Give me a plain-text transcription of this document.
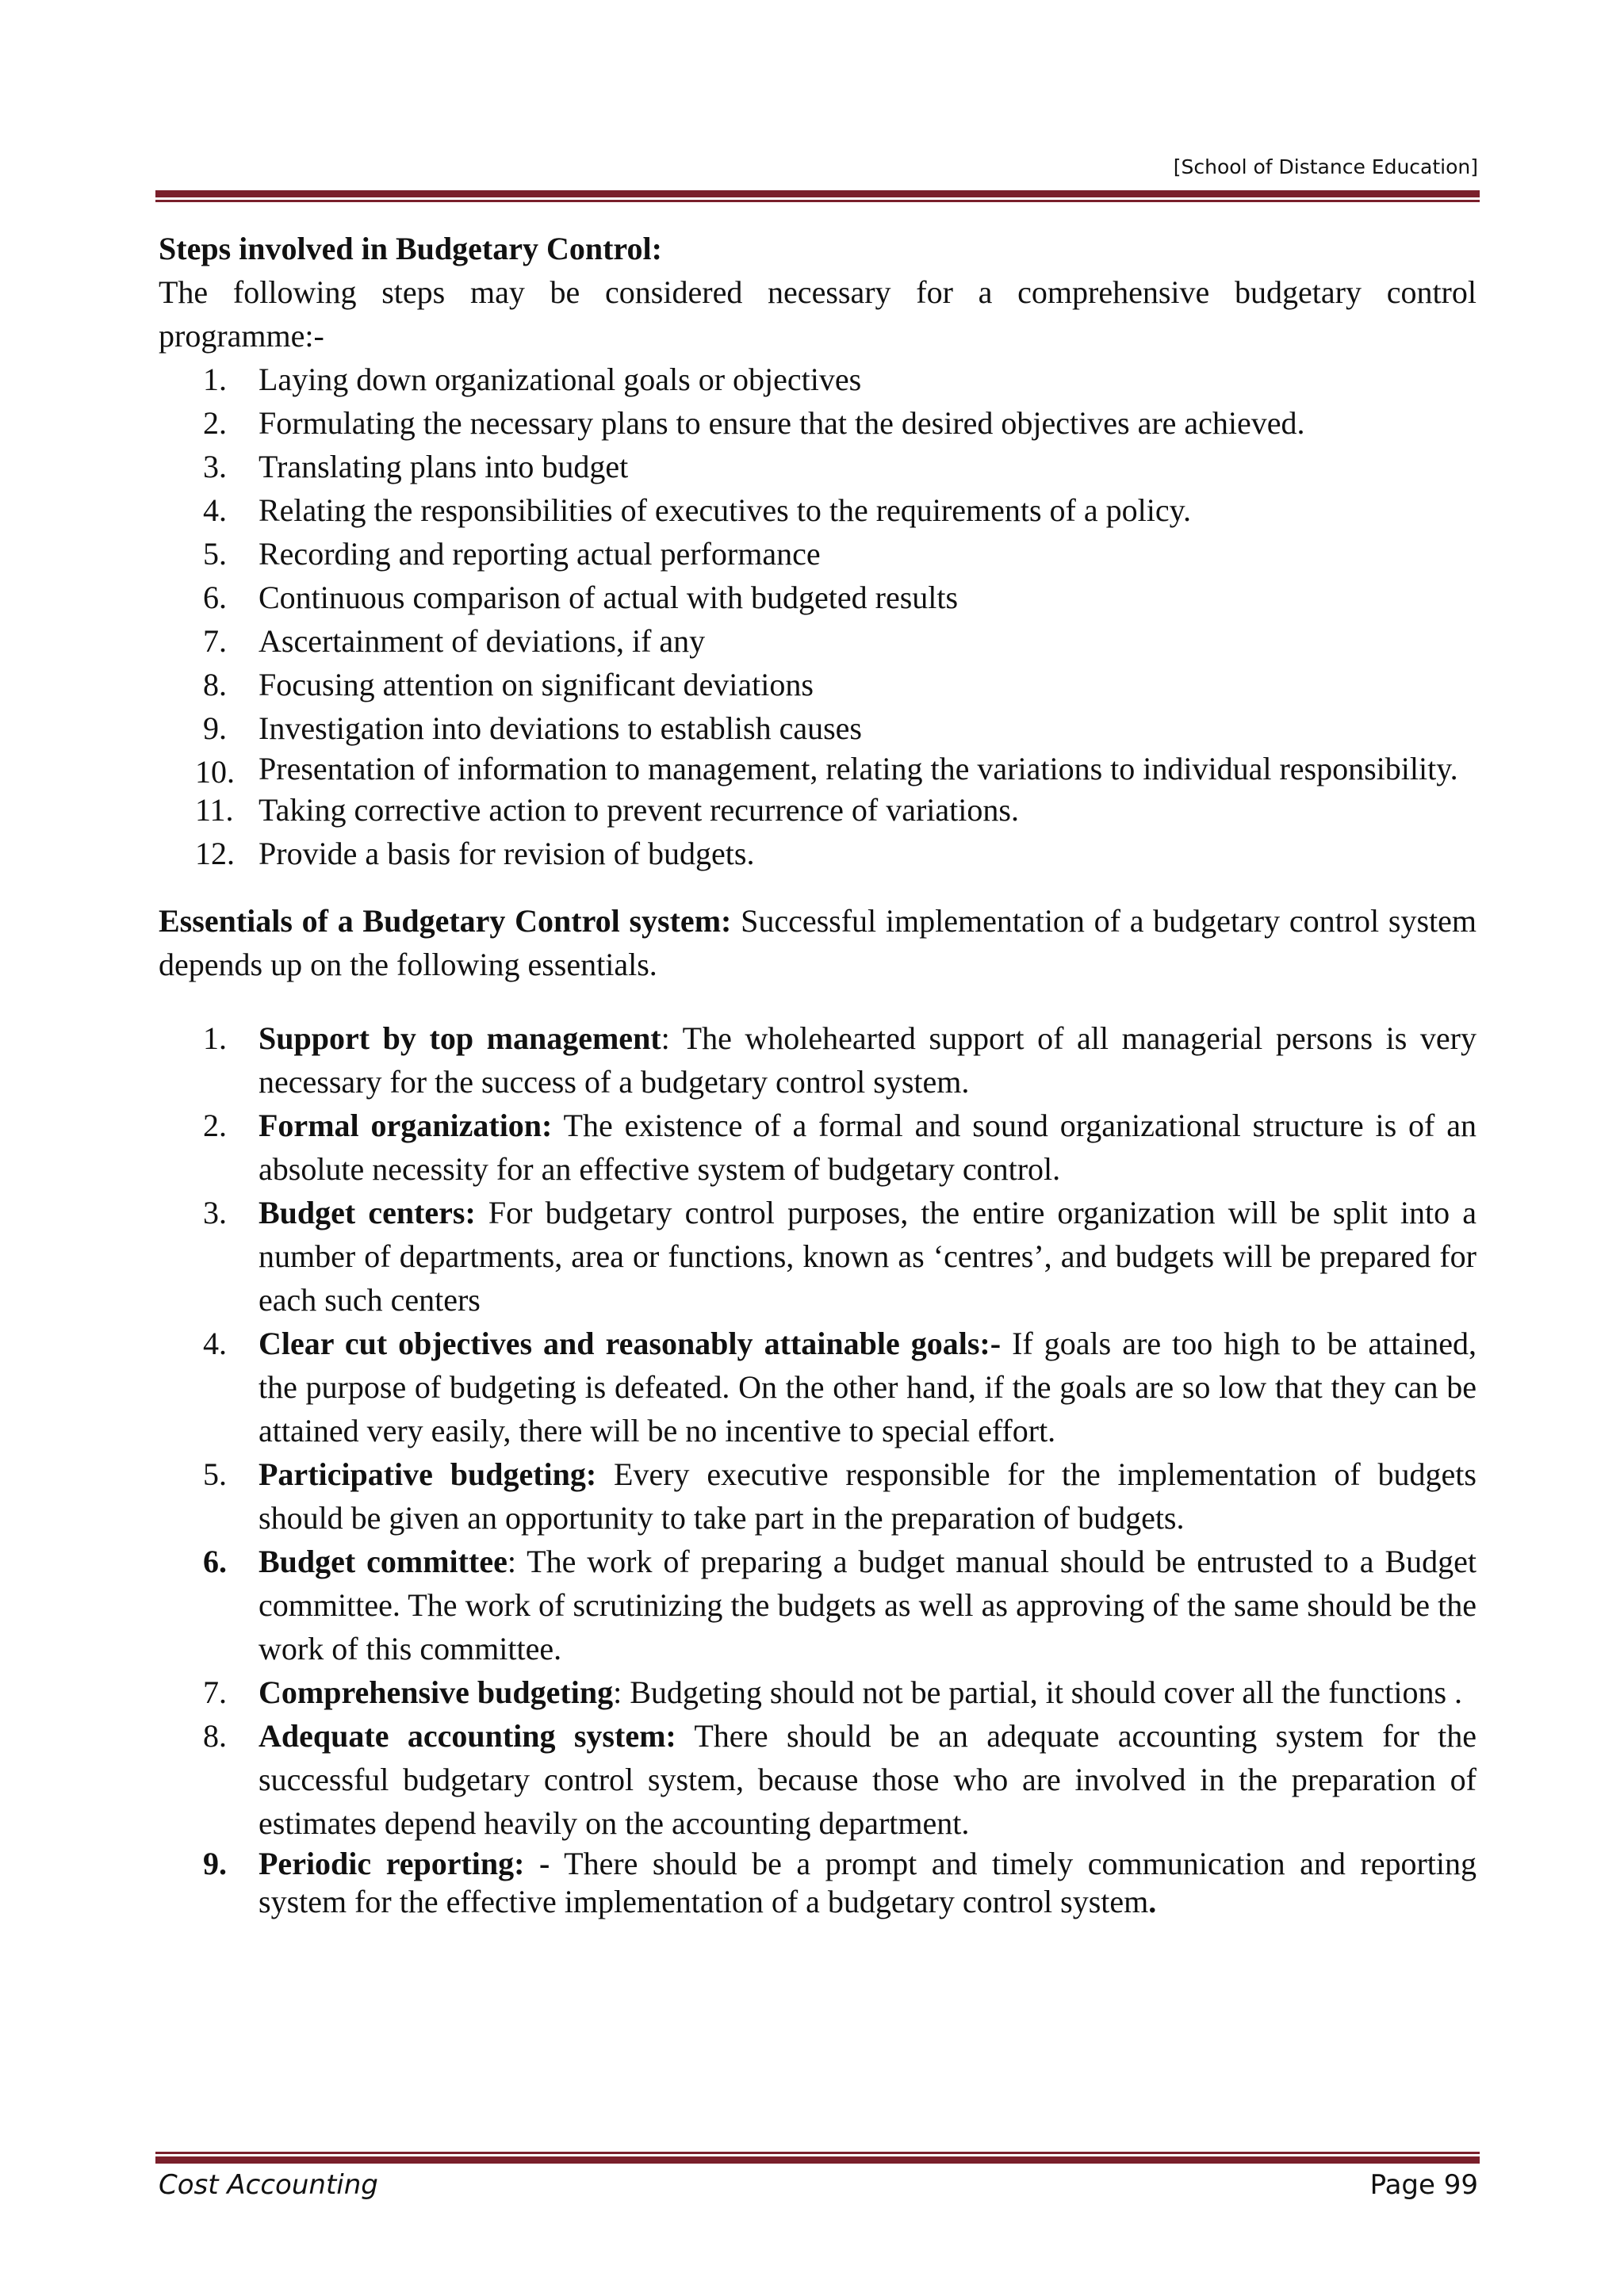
[School of Distance Education]
Steps involved in Budgetary Control:
The following steps may be considered necessary for a comprehensive budgetary control
programme:-
1.	Laying down organizational goals or objectives
2.	Formulating the necessary plans to ensure that the desired objectives are achieved.
3.	Translating plans into budget
4.	Relating the responsibilities of executives to the requirements of a policy.
5.	Recording and reporting actual performance
6.	Continuous comparison of actual with budgeted results
7.	Ascertainment of deviations, if any
8.	Focusing attention on significant deviations
9.	Investigation into deviations to establish causes
10. Presentation of information to management, relating the variations to individual responsibility.
11. Taking corrective action to prevent recurrence of variations.
12. Provide a basis for revision of budgets.
Essentials of a Budgetary Control system: Successful implementation of a budgetary control system depends up on the following essentials.
1. Support by top management: The wholehearted support of all managerial persons is very necessary for the success of a budgetary control system.
2. Formal organization: The existence of a formal and sound organizational structure is of an absolute necessity for an effective system of budgetary control.
3. Budget centers: For budgetary control purposes, the entire organization will be split into a number of departments, area or functions, known as ‘centres’, and budgets will be prepared for each such centers
4. Clear cut objectives and reasonably attainable goals:- If goals are too high to be attained, the purpose of budgeting is defeated. On the other hand, if the goals are so low that they can be attained very easily, there will be no incentive to special effort.
5. Participative budgeting: Every executive responsible for the implementation of budgets should be given an opportunity to take part in the preparation of budgets.
6. Budget committee: The work of preparing a budget manual should be entrusted to a Budget committee. The work of scrutinizing the budgets as well as approving of the same should be the work of this committee.
7. Comprehensive budgeting: Budgeting should not be partial, it should cover all the functions .
8. Adequate accounting system: There should be an adequate accounting system for the successful budgetary control system, because those who are involved in the preparation of estimates depend heavily on the accounting department.
9. Periodic reporting: - There should be a prompt and timely communication and reporting system for the effective implementation of a budgetary control system.
Cost Accounting	Page 99
